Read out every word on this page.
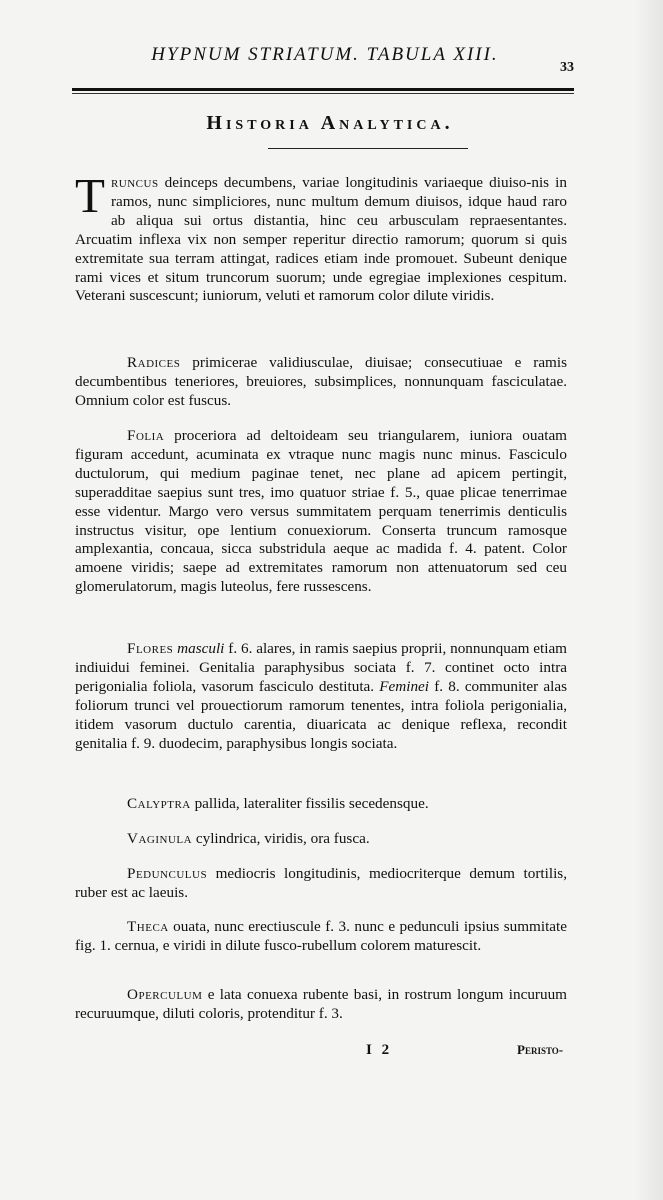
HYPNUM STRIATUM. TABULA XIII.
33
Historia Analytica.
Truncus deinceps decumbens, variae longitudinis variaeque diuiso-nis in ramos, nunc simpliciores, nunc multum demum diuisos, idque haud raro ab aliqua sui ortus distantia, hinc ceu arbusculam repraesentantes. Arcuatim inflexa vix non semper reperitur directio ramorum; quorum si quis extremitate sua terram attingat, radices etiam inde promouet. Subeunt denique rami vices et situm truncorum suorum; unde egregiae implexiones cespitum. Veterani suscescunt; iuniorum, veluti et ramorum color dilute viridis.
Radices primicerae validiusculae, diuisae; consecutiuae e ramis decumbentibus teneriores, breuiores, subsimplices, nonnunquam fasciculatae. Omnium color est fuscus.
Folia proceriora ad deltoideam seu triangularem, iuniora ouatam figuram accedunt, acuminata ex vtraque nunc magis nunc minus. Fasciculo ductulorum, qui medium paginae tenet, nec plane ad apicem pertingit, superadditae saepius sunt tres, imo quatuor striae f. 5., quae plicae tenerrimae esse videntur. Margo vero versus summitatem perquam tenerrimis denticulis instructus visitur, ope lentium conuexiorum. Conserta truncum ramosque amplexantia, concaua, sicca substridula aeque ac madida f. 4. patent. Color amoene viridis; saepe ad extremitates ramorum non attenuatorum sed ceu glomerulatorum, magis luteolus, fere russescens.
Flores masculi f. 6. alares, in ramis saepius proprii, nonnunquam etiam indiuidui feminei. Genitalia paraphysibus sociata f. 7. continet octo intra perigonialia foliola, vasorum fasciculo destituta. Feminei f. 8. communiter alas foliorum trunci vel prouectiorum ramorum tenentes, intra foliola perigonialia, itidem vasorum ductulo carentia, diuaricata ac denique reflexa, recondit genitalia f. 9. duodecim, paraphysibus longis sociata.
Calyptra pallida, lateraliter fissilis secedensque.
Vaginula cylindrica, viridis, ora fusca.
Pedunculus mediocris longitudinis, mediocriterque demum tortilis, ruber est ac laeuis.
Theca ouata, nunc erectiuscule f. 3. nunc e pedunculi ipsius summitate fig. 1. cernua, e viridi in dilute fusco-rubellum colorem maturescit.
Operculum e lata conuexa rubente basi, in rostrum longum incuruum recuruumque, diluti coloris, protenditur f. 3.
I 2	Peristo-
